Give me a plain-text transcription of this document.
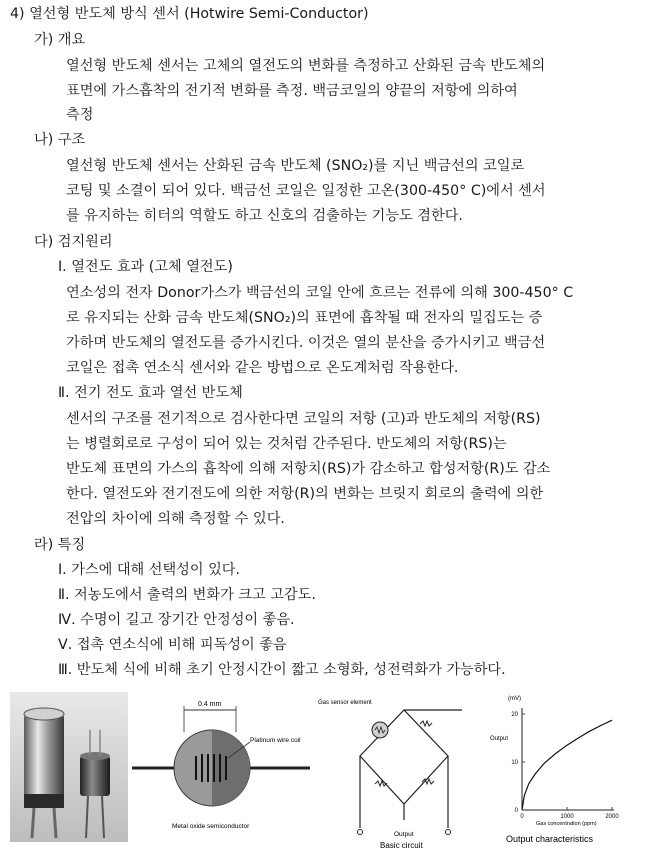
4) 열선형 반도체 방식 센서 (Hotwire Semi-Conductor)
가) 개요
열선형 반도체 센서는 고체의 열전도의 변화를 측정하고 산화된 금속 반도체의
표면에 가스흡착의 전기적 변화를 측정. 백금코일의 양끝의 저항에 의하여
측정
나) 구조
열선형 반도체 센서는 산화된 금속 반도체 (SNO₂)를 지닌 백금선의 코일로
코팅 및 소결이 되어 있다. 백금선 코일은 일정한 고온(300-450° C)에서 센서
를 유지하는 히터의 역할도 하고 신호의 검출하는 기능도 겸한다.
다) 검지원리
Ⅰ. 열전도 효과 (고체 열전도)
연소성의 전자 Donor가스가 백금선의 코일 안에 흐르는 전류에 의해 300-450° C
로 유지되는 산화 금속 반도체(SNO₂)의 표면에 흡착될 때 전자의 밀집도는 증
가하며 반도체의 열전도를 증가시킨다. 이것은 열의 분산을 증가시키고 백금선
코일은 접촉 연소식 센서와 같은 방법으로 온도계처럼 작용한다.
Ⅱ. 전기 전도 효과 열선 반도체
센서의 구조를 전기적으로 검사한다면 코일의 저항 (고)과 반도체의 저항(RS)
는 병렬회로로 구성이 되어 있는 것처럼 간주된다. 반도체의 저항(RS)는
반도체 표면의 가스의 흡착에 의해 저항치(RS)가 감소하고 합성저항(R)도 감소
한다. 열전도와 전기전도에 의한 저항(R)의 변화는 브릿지 회로의 출력에 의한
전압의 차이에 의해 측정할 수 있다.
라) 특징
Ⅰ. 가스에 대해 선택성이 있다.
Ⅱ. 저농도에서 출력의 변화가 크고 고감도.
Ⅳ. 수명이 길고 장기간 안정성이 좋음.
Ⅴ. 접촉 연소식에 비해 피독성이 좋음
Ⅲ. 반도체 식에 비해 초기 안정시간이 짧고 소형화, 성전력화가 가능하다.
0.4 mm
Platinum wire coil
Metal oxide semiconductor
Gas sensor element
Output
Basic circuit
(mV)
Output
Gas concentration (ppm)
Output characteristics
0	1000	2000
0
10
20
